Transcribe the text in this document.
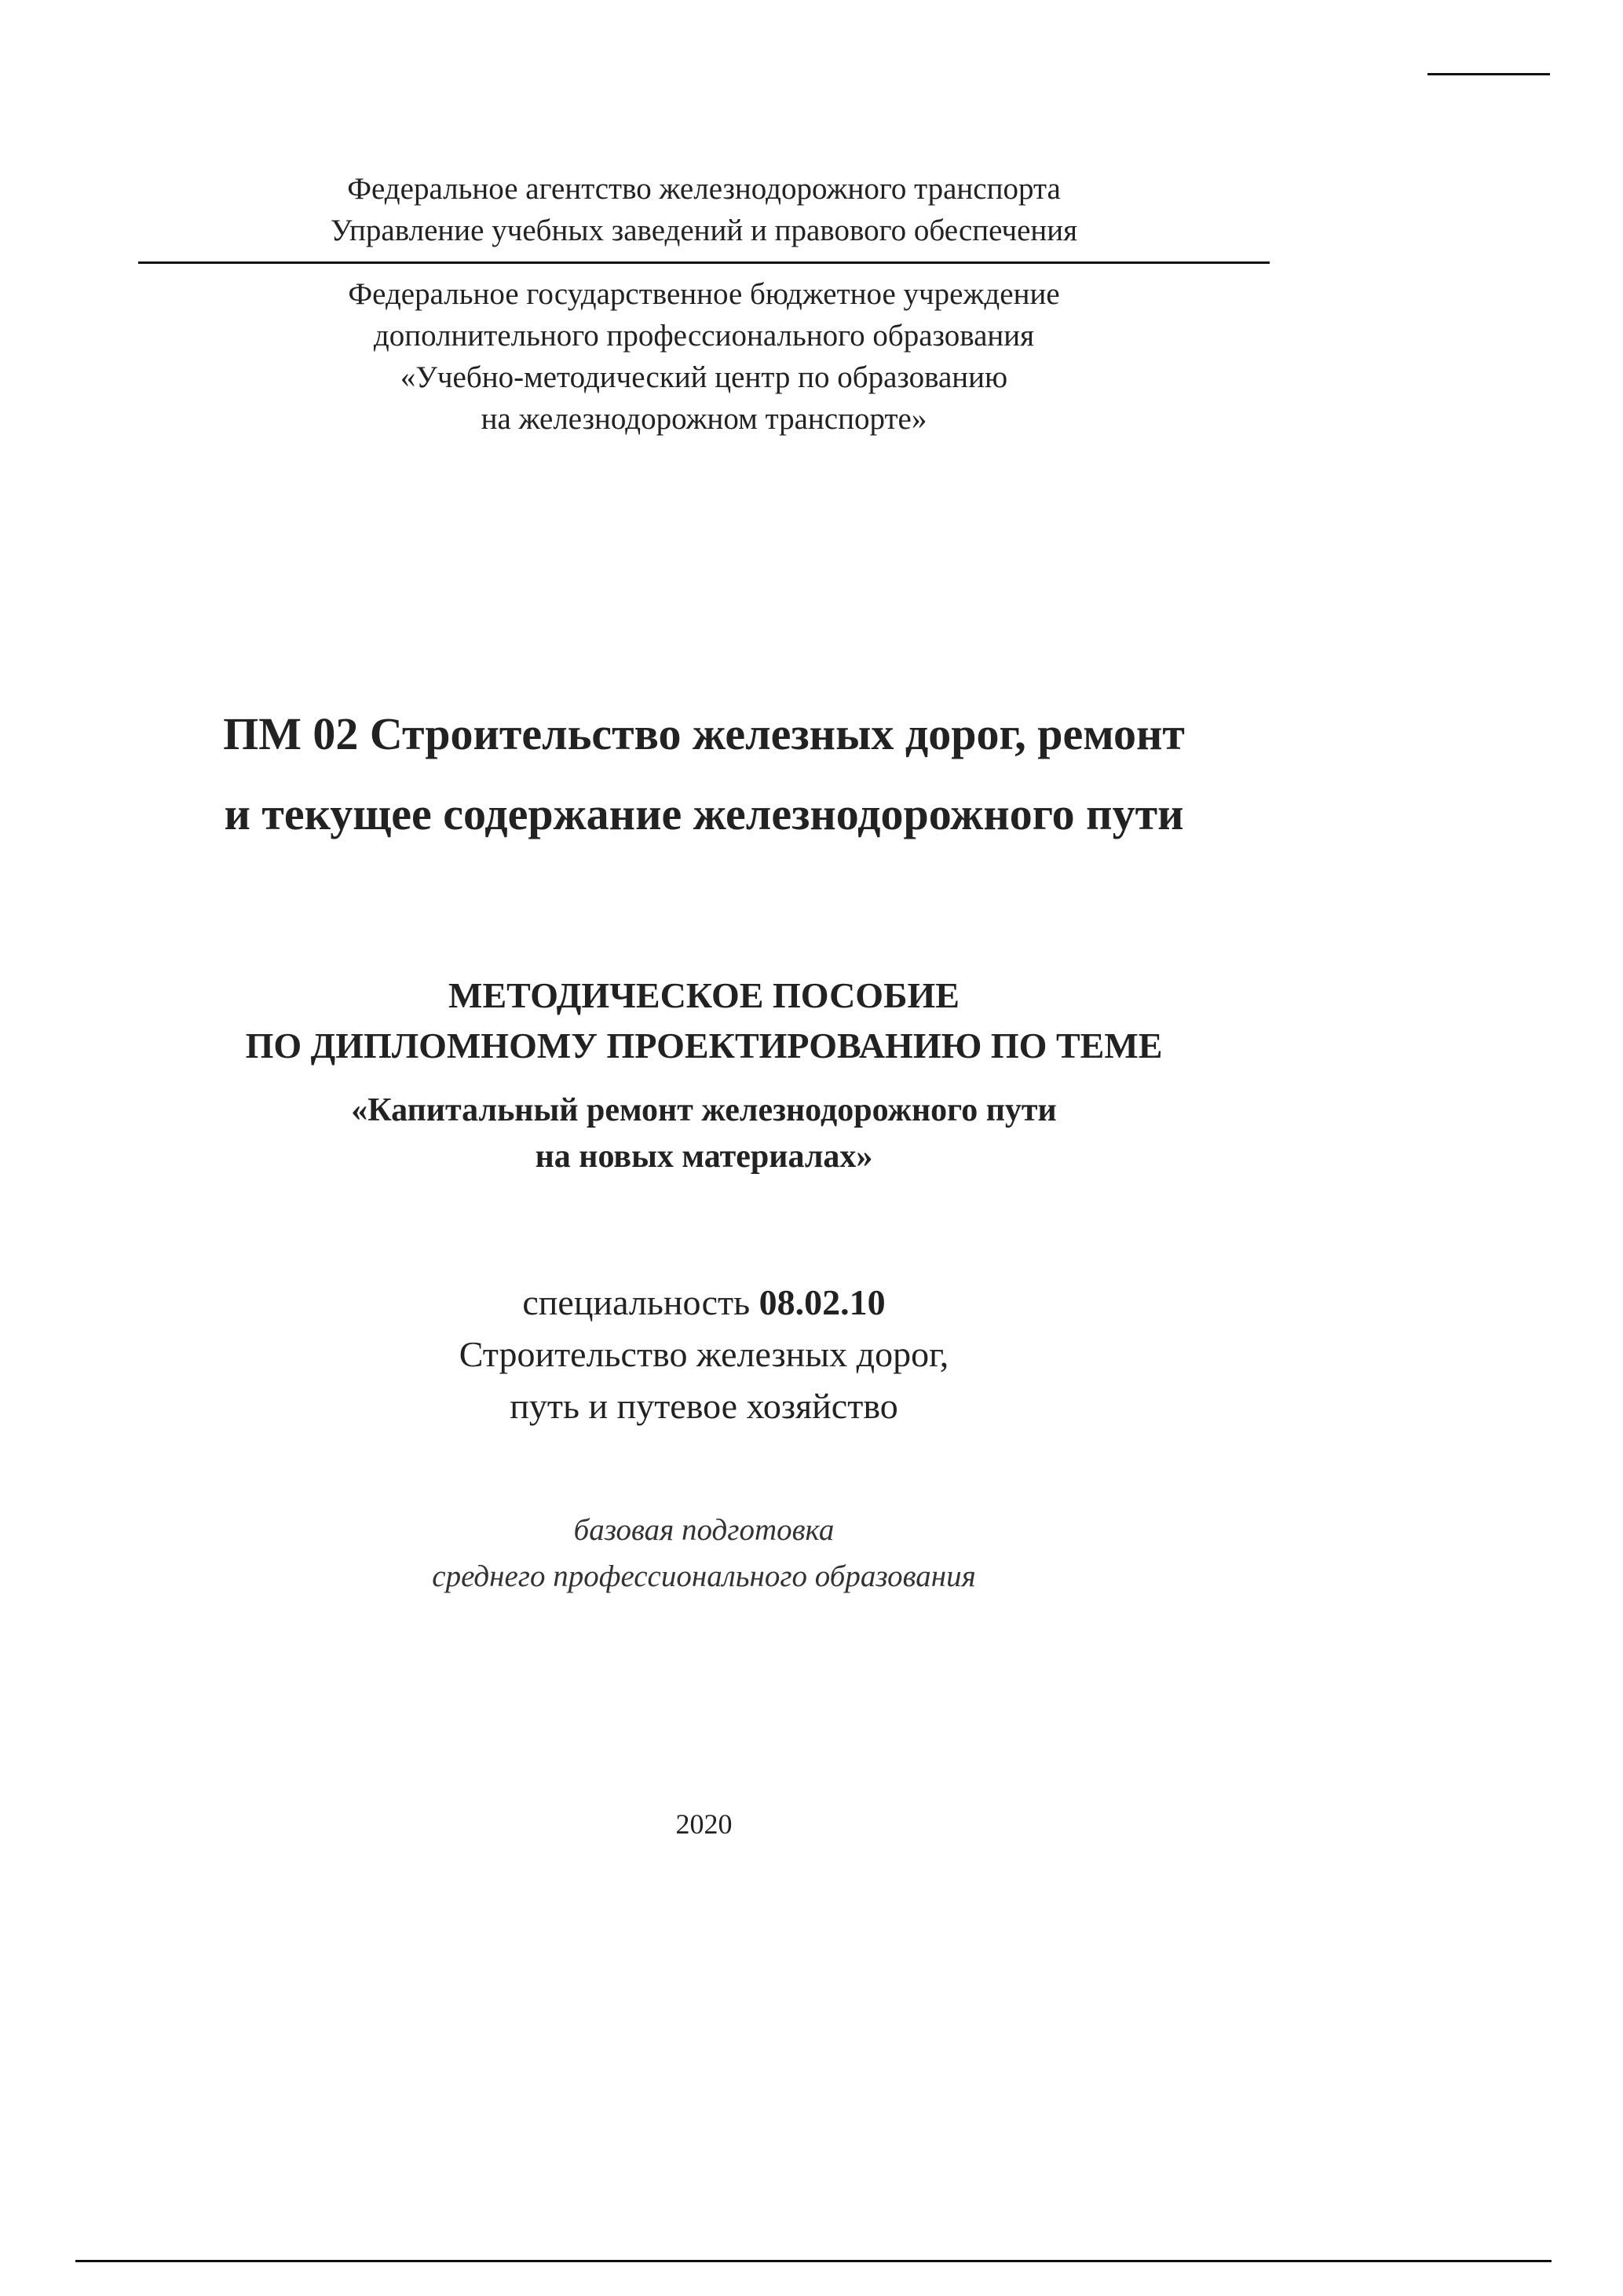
Федеральное агентство железнодорожного транспорта
Управление учебных заведений и правового обеспечения
Федеральное государственное бюджетное учреждение
дополнительного профессионального образования
«Учебно-методический центр по образованию
на железнодорожном транспорте»
ПМ 02 Строительство железных дорог, ремонт
и текущее содержание железнодорожного пути
МЕТОДИЧЕСКОЕ ПОСОБИЕ
ПО ДИПЛОМНОМУ ПРОЕКТИРОВАНИЮ ПО ТЕМЕ
«Капитальный ремонт железнодорожного пути
на новых материалах»
специальность 08.02.10
Строительство железных дорог,
путь и путевое хозяйство
базовая подготовка
среднего профессионального образования
2020
